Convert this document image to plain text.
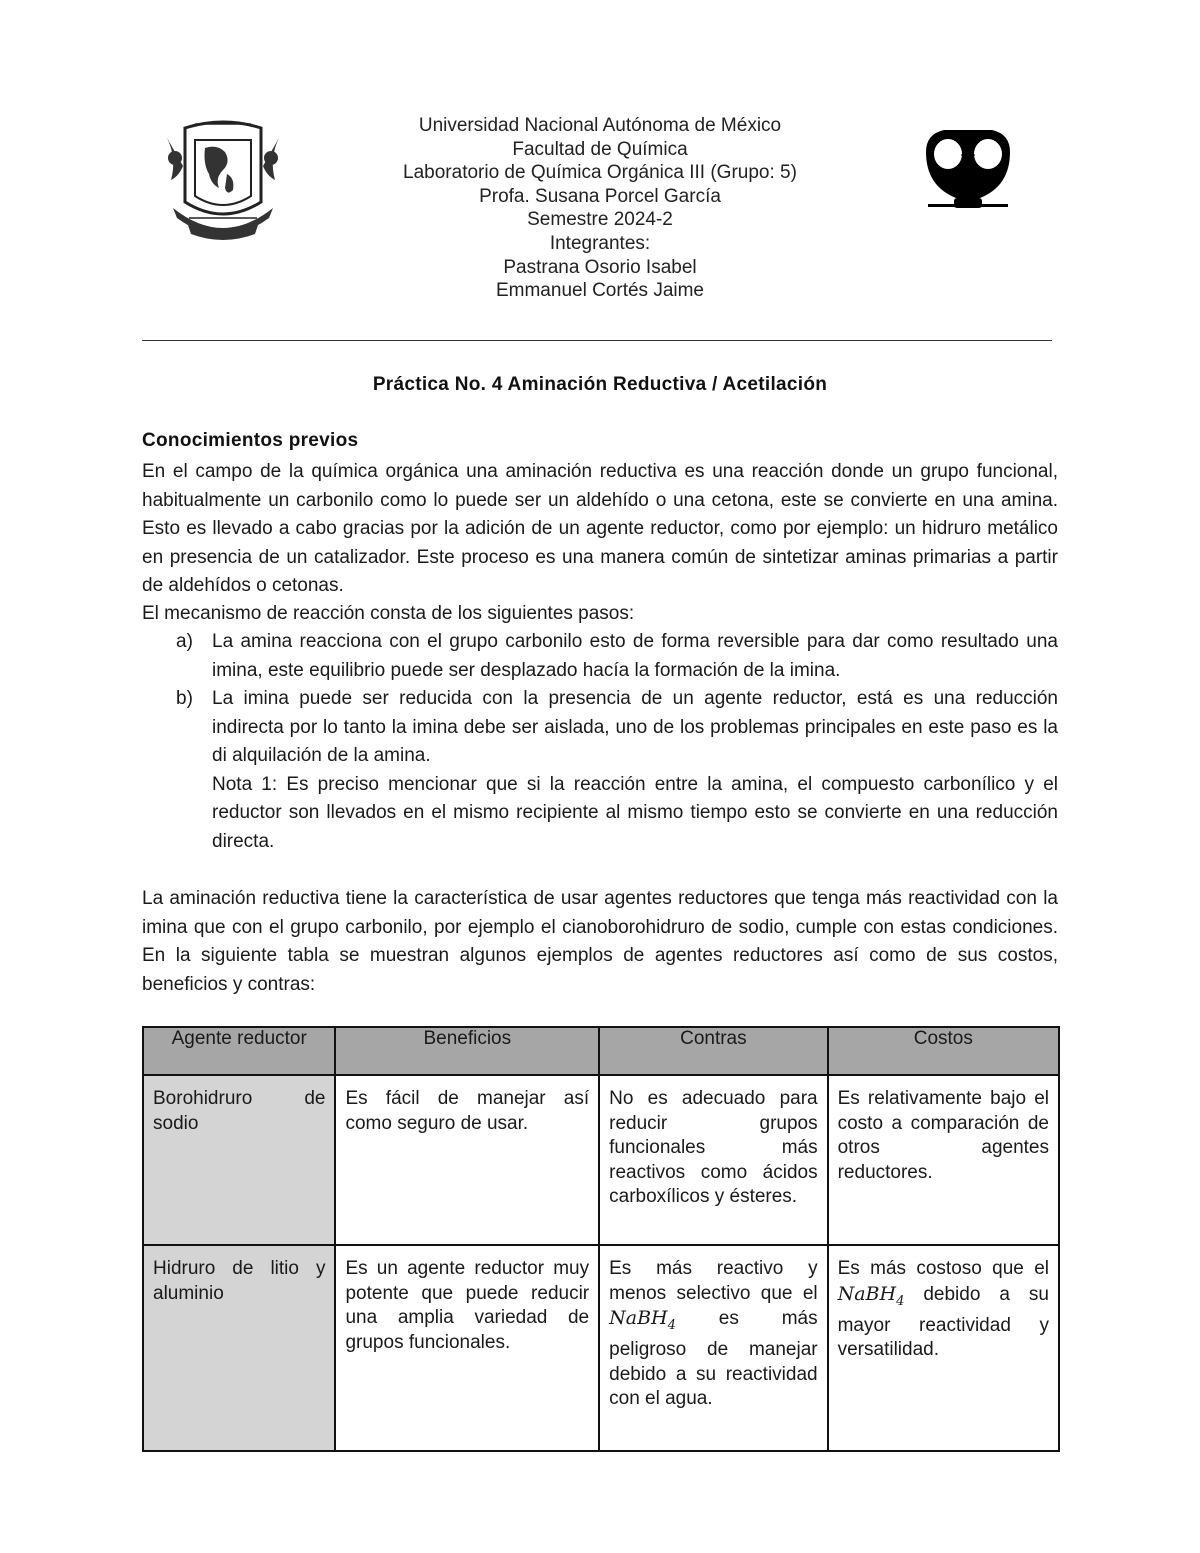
Universidad Nacional Autónoma de México
Facultad de Química
Laboratorio de Química Orgánica III (Grupo: 5)
Profa. Susana Porcel García
Semestre 2024-2
Integrantes:
Pastrana Osorio Isabel
Emmanuel Cortés Jaime
Práctica No. 4 Aminación Reductiva / Acetilación
Conocimientos previos
En el campo de la química orgánica una aminación reductiva es una reacción donde un grupo funcional, habitualmente un carbonilo como lo puede ser un aldehído o una cetona, este se convierte en una amina. Esto es llevado a cabo gracias por la adición de un agente reductor, como por ejemplo: un hidruro metálico en presencia de un catalizador. Este proceso es una manera común de sintetizar aminas primarias a partir de aldehídos o cetonas.
El mecanismo de reacción consta de los siguientes pasos:
a) La amina reacciona con el grupo carbonilo esto de forma reversible para dar como resultado una imina, este equilibrio puede ser desplazado hacía la formación de la imina.
b) La imina puede ser reducida con la presencia de un agente reductor, está es una reducción indirecta por lo tanto la imina debe ser aislada, uno de los problemas principales en este paso es la di alquilación de la amina.
Nota 1: Es preciso mencionar que si la reacción entre la amina, el compuesto carbonílico y el reductor son llevados en el mismo recipiente al mismo tiempo esto se convierte en una reducción directa.
La aminación reductiva tiene la característica de usar agentes reductores que tenga más reactividad con la imina que con el grupo carbonilo, por ejemplo el cianoborohidruro de sodio, cumple con estas condiciones. En la siguiente tabla se muestran algunos ejemplos de agentes reductores así como de sus costos, beneficios y contras:
Agente reductor	Beneficios	Contras	Costos
Borohidruro de sodio	Es fácil de manejar así como seguro de usar.	No es adecuado para reducir grupos funcionales más reactivos como ácidos carboxílicos y ésteres.	Es relativamente bajo el costo a comparación de otros agentes reductores.
Hidruro de litio y aluminio	Es un agente reductor muy potente que puede reducir una amplia variedad de grupos funcionales.	Es más reactivo y menos selectivo que el NaBH$_4$ es más peligroso de manejar debido a su reactividad con el agua.	Es más costoso que el NaBH$_4$ debido a su mayor reactividad y versatilidad.
